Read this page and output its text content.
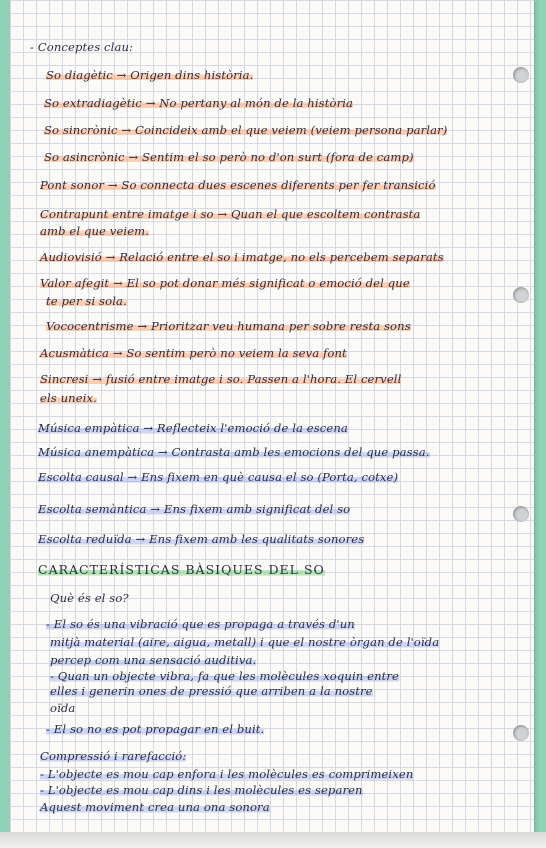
- Conceptes clau:
So diagètic → Origen dins història.
So extradiagètic → No pertany al món de la història
So sincrònic → Coincideix amb el que veiem (veiem persona parlar)
So asincrònic → Sentim el so però no d'on surt (fora de camp)
Pont sonor → So connecta dues escenes diferents per fer transició
Contrapunt entre imatge i so → Quan el que escoltem contrasta
amb el que veiem.
Audiovisió → Relació entre el so i imatge, no els percebem separats
Valor afegit → El so pot donar més significat o emoció del que
te per si sola.
Vococentrisme → Prioritzar veu humana per sobre resta sons
Acusmàtica → So sentim però no veiem la seva font
Sincresi → fusió entre imatge i so. Passen a l'hora. El cervell
els uneix.
Música empàtica → Reflecteix l'emoció de la escena
Música anempàtica → Contrasta amb les emocions del que passa.
Escolta causal → Ens fixem en què causa el so (Porta, cotxe)
Escolta semàntica → Ens fixem amb significat del so
Escolta reduïda → Ens fixem amb les qualitats sonores
CARACTERÍSTICAS BÀSIQUES DEL SO
Què és el so?
- El so és una vibració que es propaga a través d'un
mitjà material (aire, aigua, metall) i que el nostre òrgan de l'oïda
percep com una sensació auditiva.
- Quan un objecte vibra, fa que les molècules xoquin entre
elles i generin ones de pressió que arriben a la nostre
oïda
- El so no es pot propagar en el buit.
Compressió i rarefacció:
- L'objecte es mou cap enfora i les molècules es comprimeixen
- L'objecte es mou cap dins i les molècules es separen
Aquest moviment crea una ona sonora
